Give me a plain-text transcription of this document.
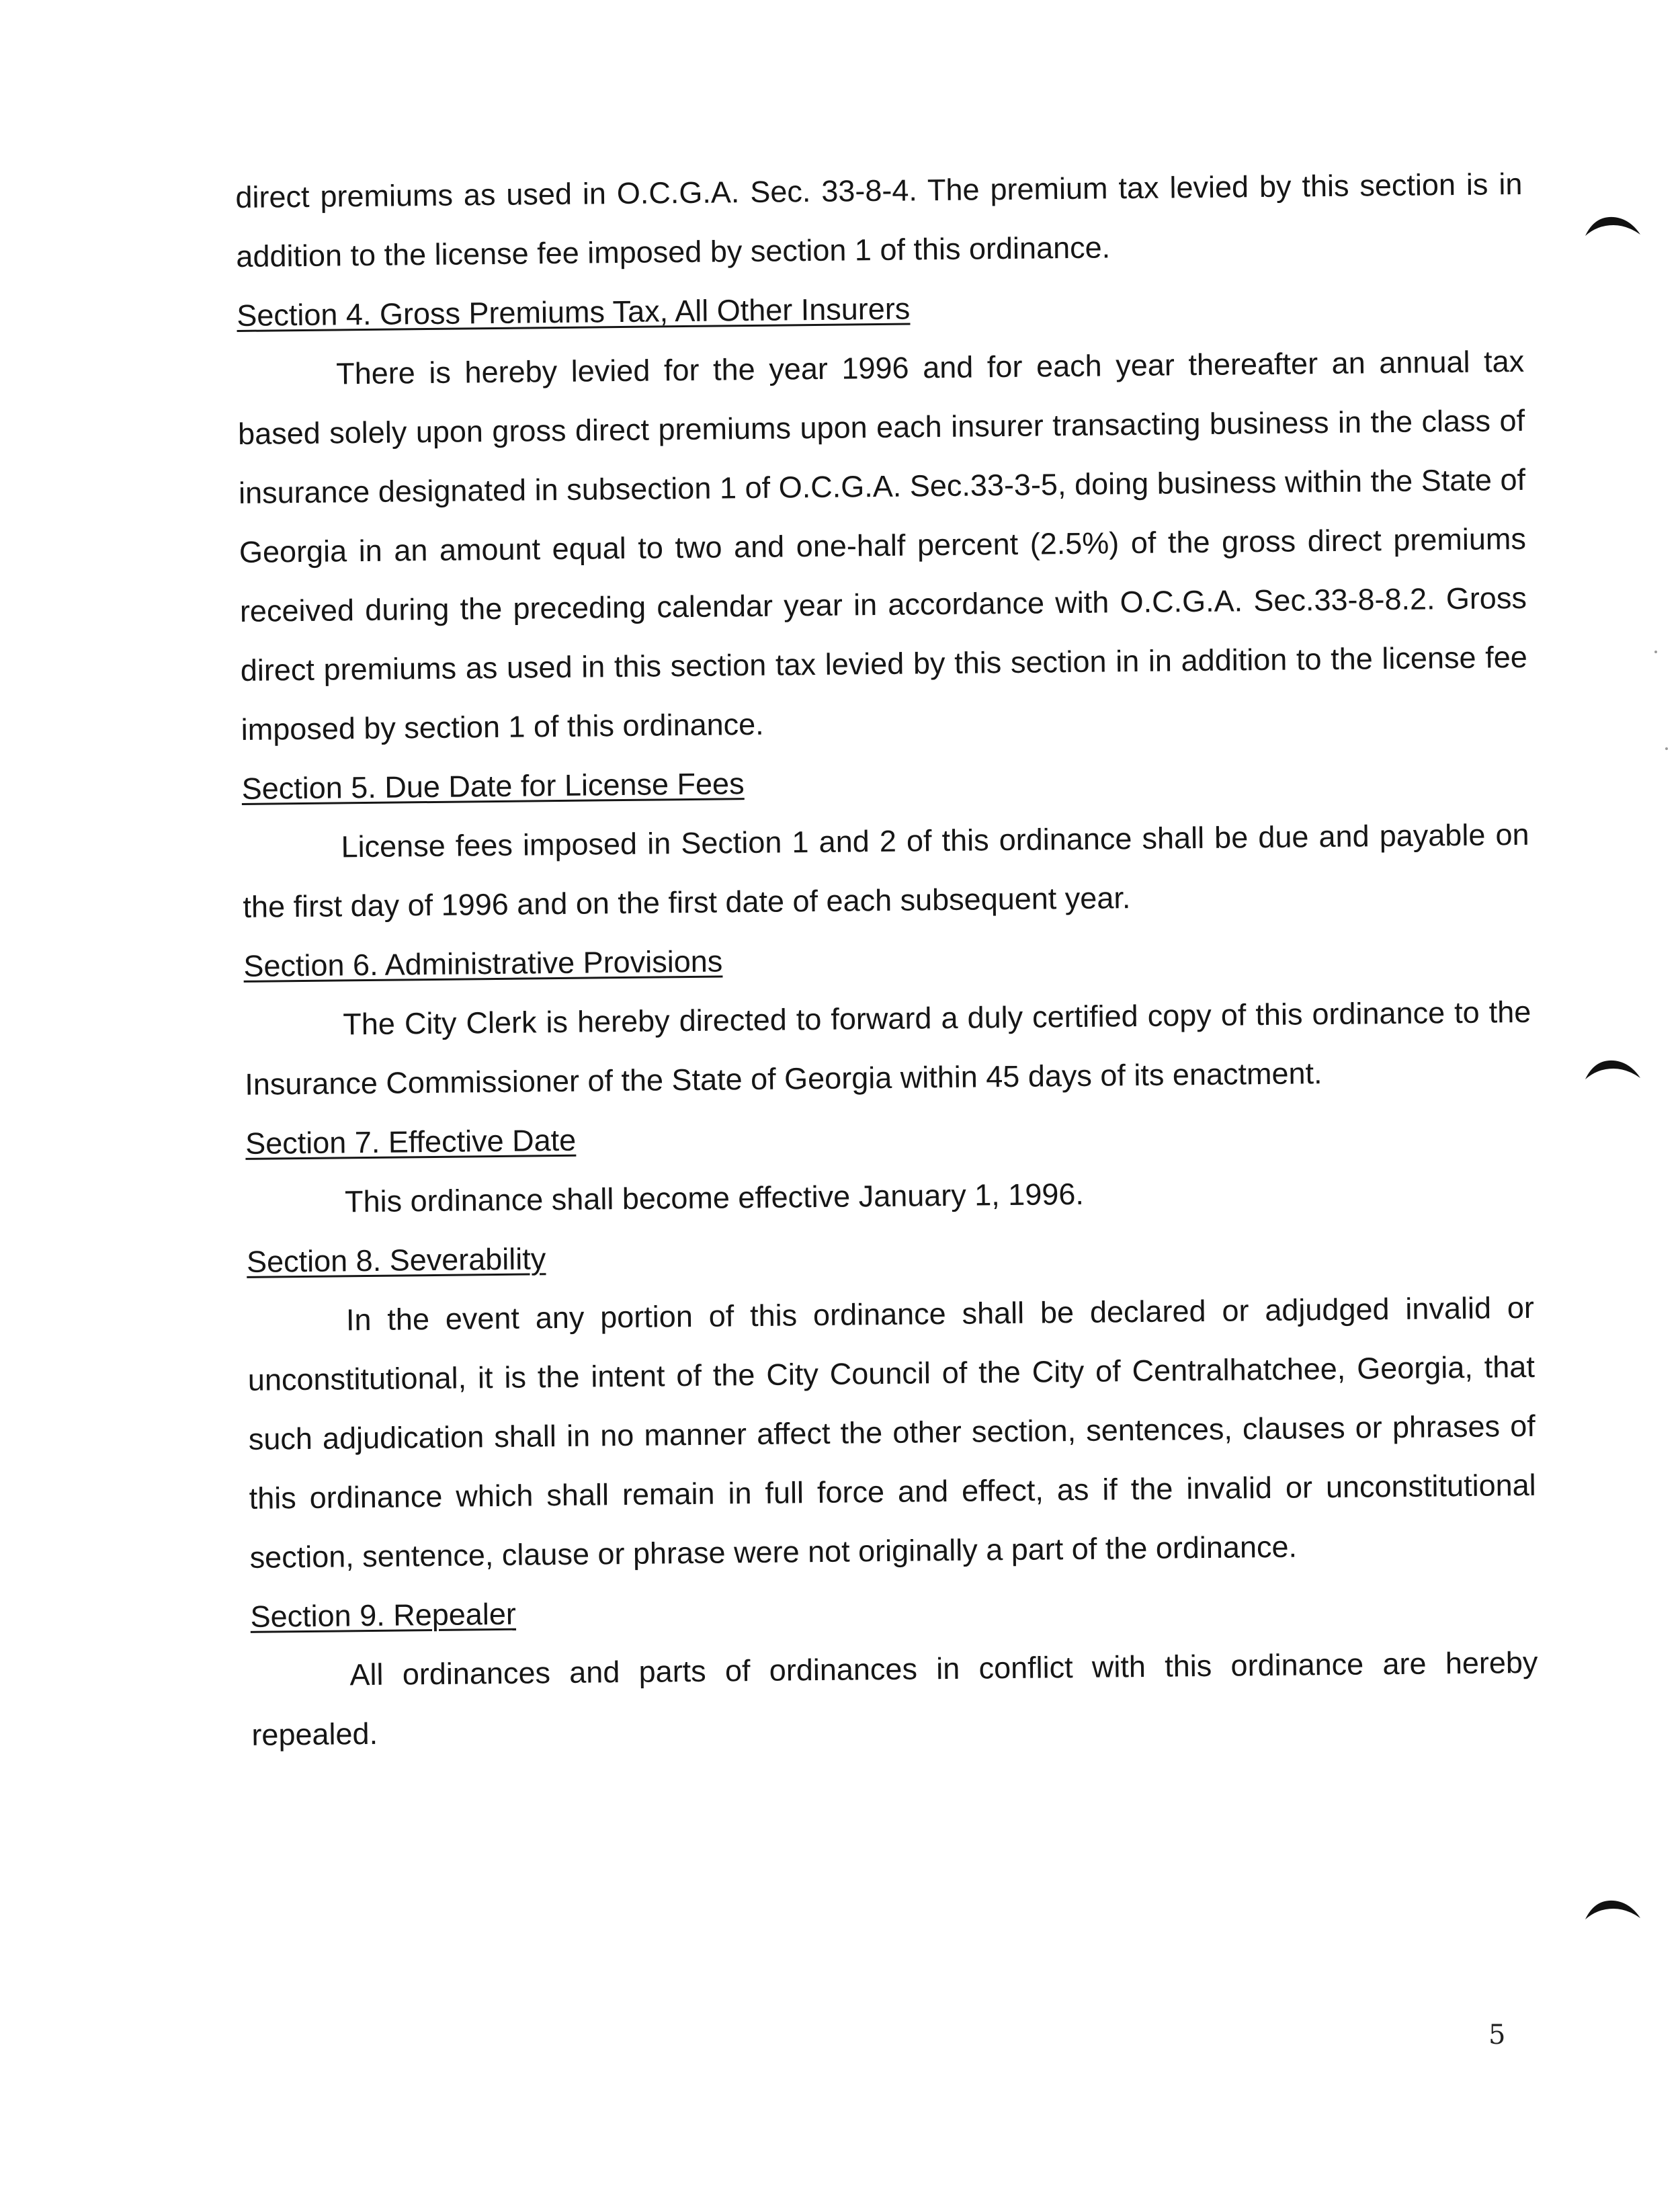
direct premiums as used in O.C.G.A. Sec. 33-8-4. The premium tax levied by this section is in addition to the license fee imposed by section 1 of this ordinance.

Section 4. Gross Premiums Tax, All Other Insurers

There is hereby levied for the year 1996 and for each year thereafter an annual tax based solely upon gross direct premiums upon each insurer transacting business in the class of insurance designated in subsection 1 of O.C.G.A. Sec.33-3-5, doing business within the State of Georgia in an amount equal to two and one-half percent (2.5%) of the gross direct premiums received during the preceding calendar year in accordance with O.C.G.A. Sec.33-8-8.2. Gross direct premiums as used in this section tax levied by this section in in addition to the license fee imposed by section 1 of this ordinance.

Section 5. Due Date for License Fees

License fees imposed in Section 1 and 2 of this ordinance shall be due and payable on the first day of 1996 and on the first date of each subsequent year.

Section 6. Administrative Provisions

The City Clerk is hereby directed to forward a duly certified copy of this ordinance to the Insurance Commissioner of the State of Georgia within 45 days of its enactment.

Section 7. Effective Date

This ordinance shall become effective January 1, 1996.

Section 8. Severability

In the event any portion of this ordinance shall be declared or adjudged invalid or unconstitutional, it is the intent of the City Council of the City of Centralhatchee, Georgia, that such adjudication shall in no manner affect the other section, sentences, clauses or phrases of this ordinance which shall remain in full force and effect, as if the invalid or unconstitutional section, sentence, clause or phrase were not originally a part of the ordinance.

Section 9. Repealer

All ordinances and parts of ordinances in conflict with this ordinance are hereby repealed.

5
